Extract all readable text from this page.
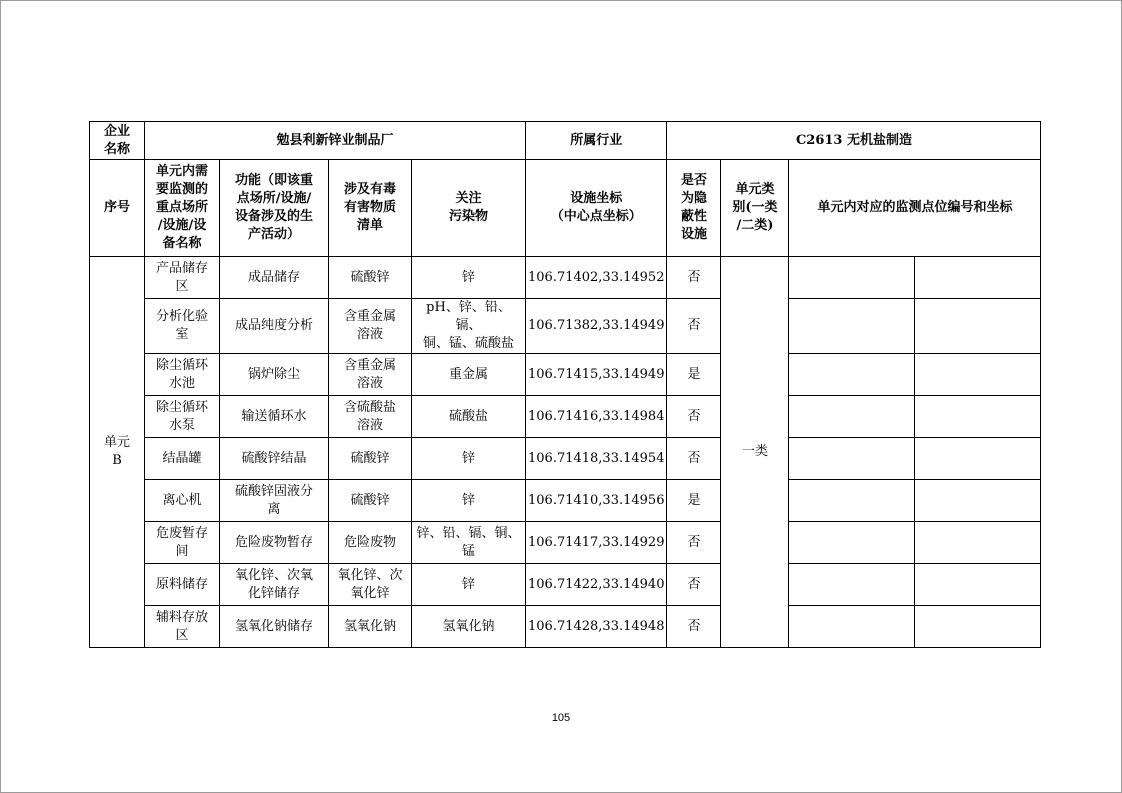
企业
名称	勉县利新锌业制品厂				所属行业	C2613 无机盐制造			
序号	单元内需
要监测的
重点场所
/设施/设
备名称	功能（即该重
点场所/设施/
设备涉及的生
产活动）	涉及有毒
有害物质
清单	关注
污染物	设施坐标
（中心点坐标）	是否
为隐
蔽性
设施	单元类
别(一类
/二类)	单元内对应的监测点位编号和坐标	
单元
B	产品储存
区	成品储存	硫酸锌	锌	106.71402,33.14952	否	一类		
	分析化验
室	成品纯度分析	含重金属
溶液	pH、锌、铅、镉、
铜、锰、硫酸盐	106.71382,33.14949	否			
	除尘循环
水池	锅炉除尘	含重金属
溶液	重金属	106.71415,33.14949	是			
	除尘循环
水泵	输送循环水	含硫酸盐
溶液	硫酸盐	106.71416,33.14984	否			
	结晶罐	硫酸锌结晶	硫酸锌	锌	106.71418,33.14954	否			
	离心机	硫酸锌固液分
离	硫酸锌	锌	106.71410,33.14956	是			
	危废暂存
间	危险废物暂存	危险废物	锌、铅、镉、铜、
锰	106.71417,33.14929	否			
	原料储存	氧化锌、次氧
化锌储存	氧化锌、次
氧化锌	锌	106.71422,33.14940	否			
	辅料存放
区	氢氧化钠储存	氢氧化钠	氢氧化钠	106.71428,33.14948	否			
105
